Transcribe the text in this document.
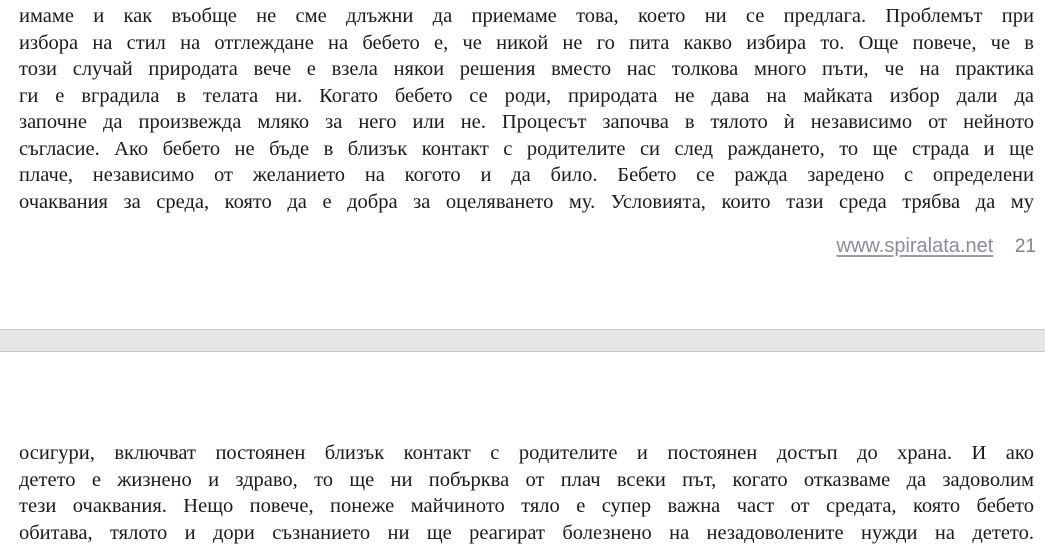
имаме и как въобще не сме длъжни да приемаме това, което ни се предлага. Проблемът при
избора на стил на отглеждане на бебето е, че никой не го пита какво избира то. Още повече, че в
този случай природата вече е взела някои решения вместо нас толкова много пъти, че на практика
ги е вградила в телата ни. Когато бебето се роди, природата не дава на майката избор дали да
започне да произвежда мляко за него или не. Процесът започва в тялото ѝ независимо от нейното
съгласие. Ако бебето не бъде в близък контакт с родителите си след раждането, то ще страда и ще
плаче, независимо от желанието на когото и да било. Бебето се ражда заредено с определени
очаквания за среда, която да е добра за оцеляването му. Условията, които тази среда трябва да му
www.spiralata.net 21
осигури, включват постоянен близък контакт с родителите и постоянен достъп до храна. И ако
детето е жизнено и здраво, то ще ни побърква от плач всеки път, когато отказваме да задоволим
тези очаквания. Нещо повече, понеже майчиното тяло е супер важна част от средата, която бебето
обитава, тялото и дори съзнанието ни ще реагират болезнено на незадоволените нужди на детето.
